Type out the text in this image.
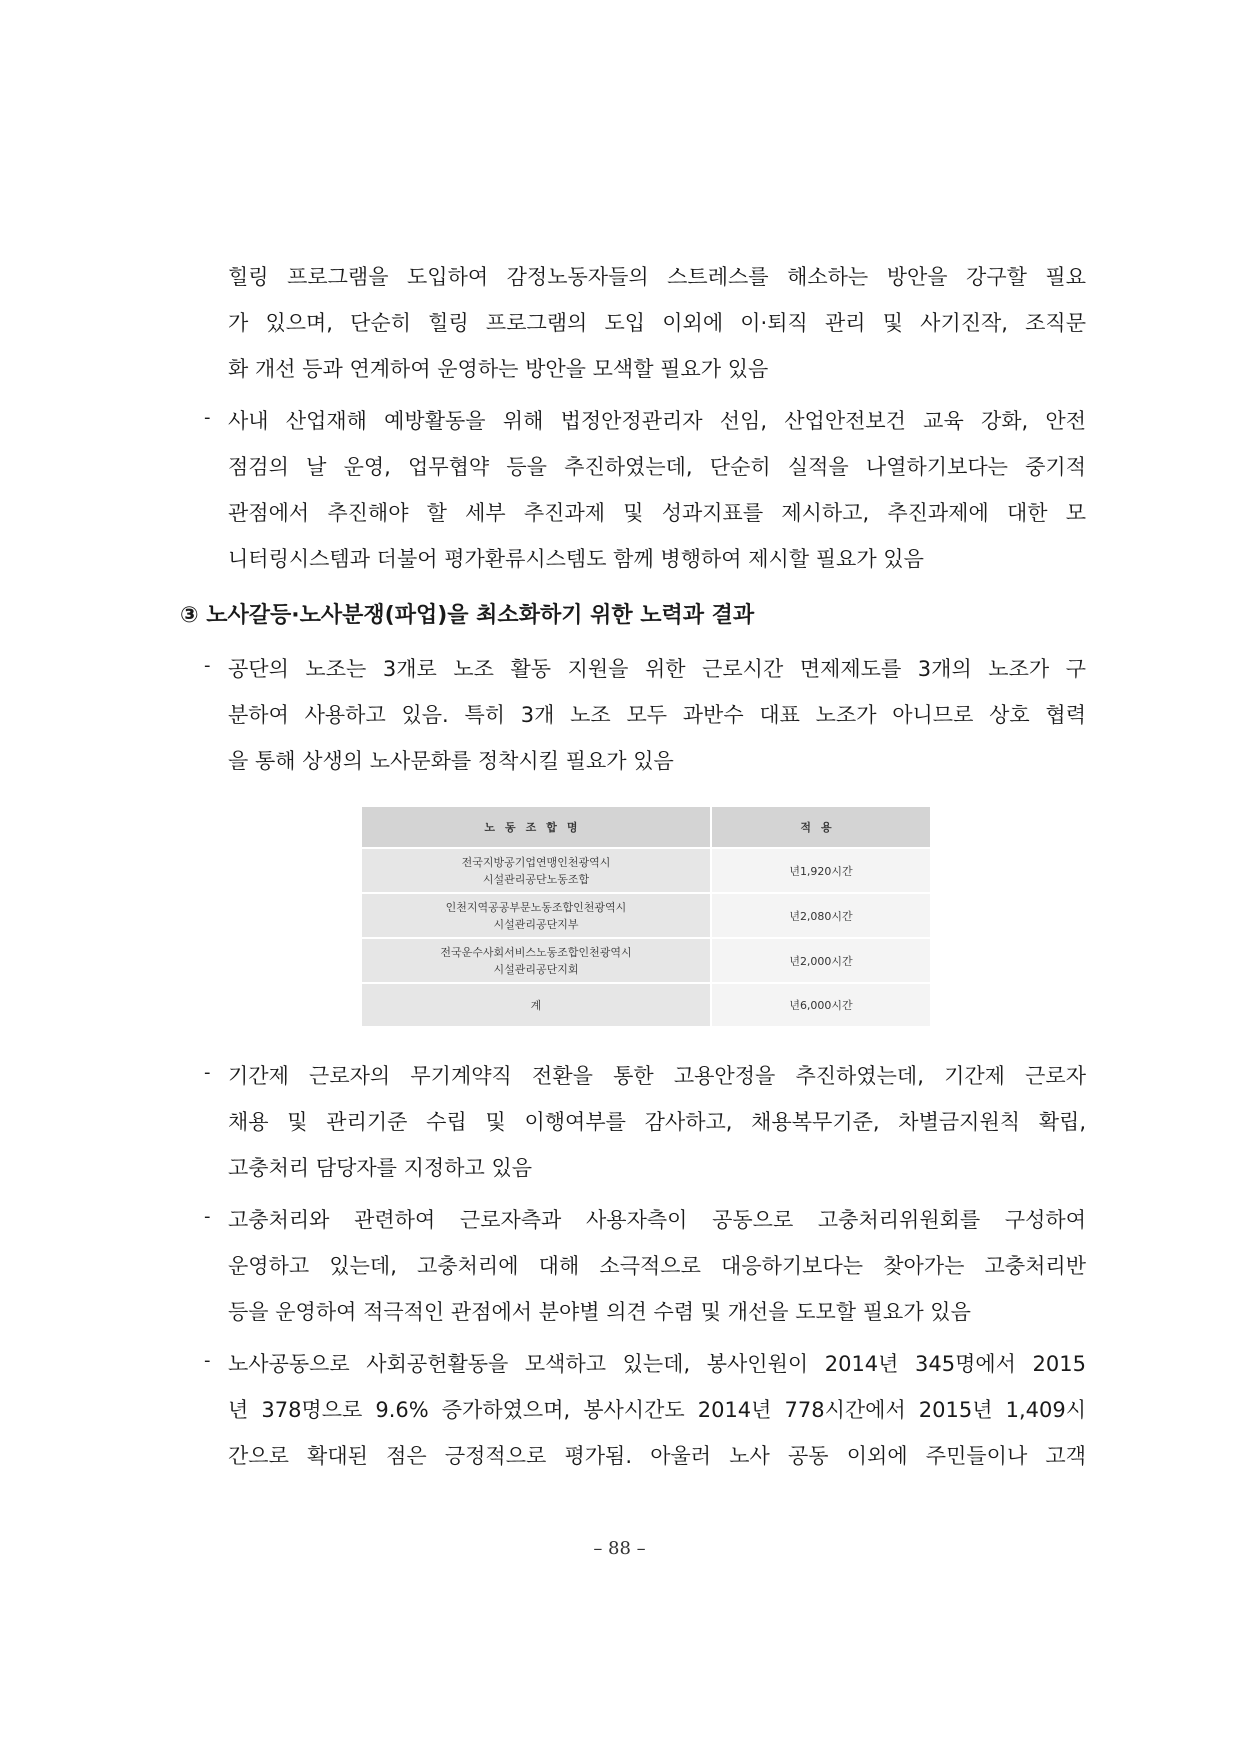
힐링 프로그램을 도입하여 감정노동자들의 스트레스를 해소하는 방안을 강구할 필요
가 있으며, 단순히 힐링 프로그램의 도입 이외에 이·퇴직 관리 및 사기진작, 조직문
화 개선 등과 연계하여 운영하는 방안을 모색할 필요가 있음
- 사내 산업재해 예방활동을 위해 법정안정관리자 선임, 산업안전보건 교육 강화, 안전
점검의 날 운영, 업무협약 등을 추진하였는데, 단순히 실적을 나열하기보다는 중기적
관점에서 추진해야 할 세부 추진과제 및 성과지표를 제시하고, 추진과제에 대한 모
니터링시스템과 더불어 평가환류시스템도 함께 병행하여 제시할 필요가 있음
③ 노사갈등·노사분쟁(파업)을 최소화하기 위한 노력과 결과
- 공단의 노조는 3개로 노조 활동 지원을 위한 근로시간 면제제도를 3개의 노조가 구
분하여 사용하고 있음. 특히 3개 노조 모두 과반수 대표 노조가 아니므로 상호 협력
을 통해 상생의 노사문화를 정착시킬 필요가 있음
노동조합명	적용

전국지방공기업연맹인천광역시
시설관리공단노동조합	년1,920시간

인천지역공공부문노동조합인천광역시
시설관리공단지부	년2,080시간

전국운수사회서비스노동조합인천광역시
시설관리공단지회	년2,000시간
계	년6,000시간
- 기간제 근로자의 무기계약직 전환을 통한 고용안정을 추진하였는데, 기간제 근로자
채용 및 관리기준 수립 및 이행여부를 감사하고, 채용복무기준, 차별금지원칙 확립,
고충처리 담당자를 지정하고 있음
- 고충처리와 관련하여 근로자측과 사용자측이 공동으로 고충처리위원회를 구성하여
운영하고 있는데, 고충처리에 대해 소극적으로 대응하기보다는 찾아가는 고충처리반
등을 운영하여 적극적인 관점에서 분야별 의견 수렴 및 개선을 도모할 필요가 있음
- 노사공동으로 사회공헌활동을 모색하고 있는데, 봉사인원이 2014년 345명에서 2015
년 378명으로 9.6% 증가하였으며, 봉사시간도 2014년 778시간에서 2015년 1,409시
간으로 확대된 점은 긍정적으로 평가됨. 아울러 노사 공동 이외에 주민들이나 고객
– 88 –
